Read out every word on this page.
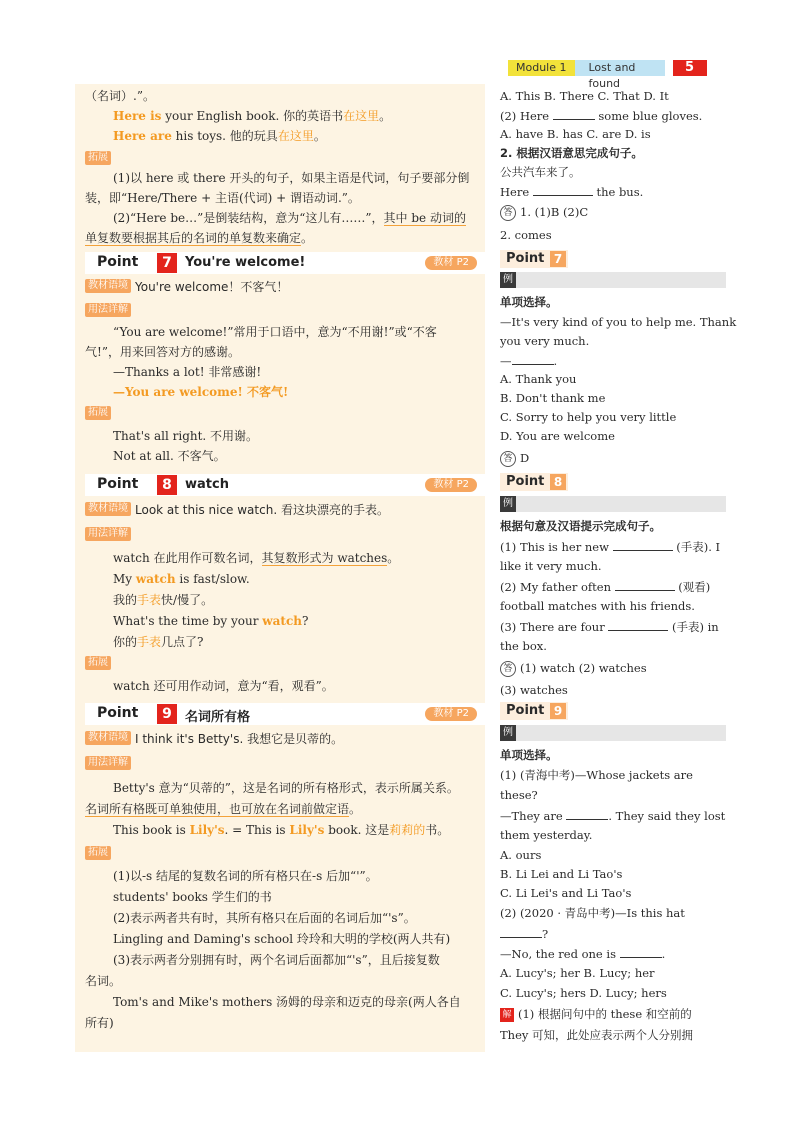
Module 1	Lost and found
5
（名词）.”。
Here is your English book. 你的英语书在这里。
Here are his toys. 他的玩具在这里。
拓展
(1)以 here 或 there 开头的句子，如果主语是代词，句子要部分倒
装，即“Here/There + 主语(代词) + 谓语动词.”。
(2)“Here be…”是倒装结构，意为“这儿有……”，其中 be 动词的
单复数要根据其后的名词的单复数来确定。
Point	7	You're welcome!	教材 P2
教材语境 You're welcome！不客气！
用法详解
“You are welcome!”常用于口语中，意为“不用谢!”或“不客
气!”，用来回答对方的感谢。
—Thanks a lot! 非常感谢!
—You are welcome! 不客气!
拓展
That's all right. 不用谢。
Not at all. 不客气。
Point	8	watch	教材 P2
教材语境 Look at this nice watch. 看这块漂亮的手表。
用法详解
watch 在此用作可数名词，其复数形式为 watches。
My watch is fast/slow.
我的手表快/慢了。
What's the time by your watch?
你的手表几点了?
拓展
watch 还可用作动词，意为“看，观看”。
Point	9	名词所有格	教材 P2
教材语境 I think it's Betty's. 我想它是贝蒂的。
用法详解
Betty's 意为“贝蒂的”，这是名词的所有格形式，表示所属关系。
名词所有格既可单独使用，也可放在名词前做定语。
This book is Lily's. = This is Lily's book. 这是莉莉的书。
拓展
(1)以-s 结尾的复数名词的所有格只在-s 后加“'”。
students' books 学生们的书
(2)表示两者共有时，其所有格只在后面的名词后加“'s”。
Lingling and Daming's school 玲玲和大明的学校(两人共有)
(3)表示两者分别拥有时，两个名词后面都加“'s”，且后接复数
名词。
Tom's and Mike's mothers 汤姆的母亲和迈克的母亲(两人各自
所有)
A. This B. There C. That D. It
(2) Here	some blue gloves.
A. have B. has C. are D. is
2. 根据汉语意思完成句子。
公共汽车来了。
Here	the bus.
答 1. (1)B (2)C
2. comes
Point 7
例
单项选择。
—It's very kind of you to help me. Thank
you very much.
—	.
A. Thank you
B. Don't thank me
C. Sorry to help you very little
D. You are welcome
答 D
Point 8
例
根据句意及汉语提示完成句子。
(1) This is her new	(手表). I
like it very much.
(2) My father often	(观看)
football matches with his friends.
(3) There are four	(手表) in
the box.
答 (1) watch (2) watches
(3) watches
Point 9
例
单项选择。
(1) (青海中考)—Whose jackets are
these?
—They are	. They said they lost
them yesterday.
A. ours
B. Li Lei and Li Tao's
C. Li Lei's and Li Tao's
(2) (2020 · 青岛中考)—Is this hat
?
—No, the red one is	.
A. Lucy's; her B. Lucy; her
C. Lucy's; hers D. Lucy; hers
解 (1) 根据问句中的 these 和空前的
They 可知，此处应表示两个人分别拥
